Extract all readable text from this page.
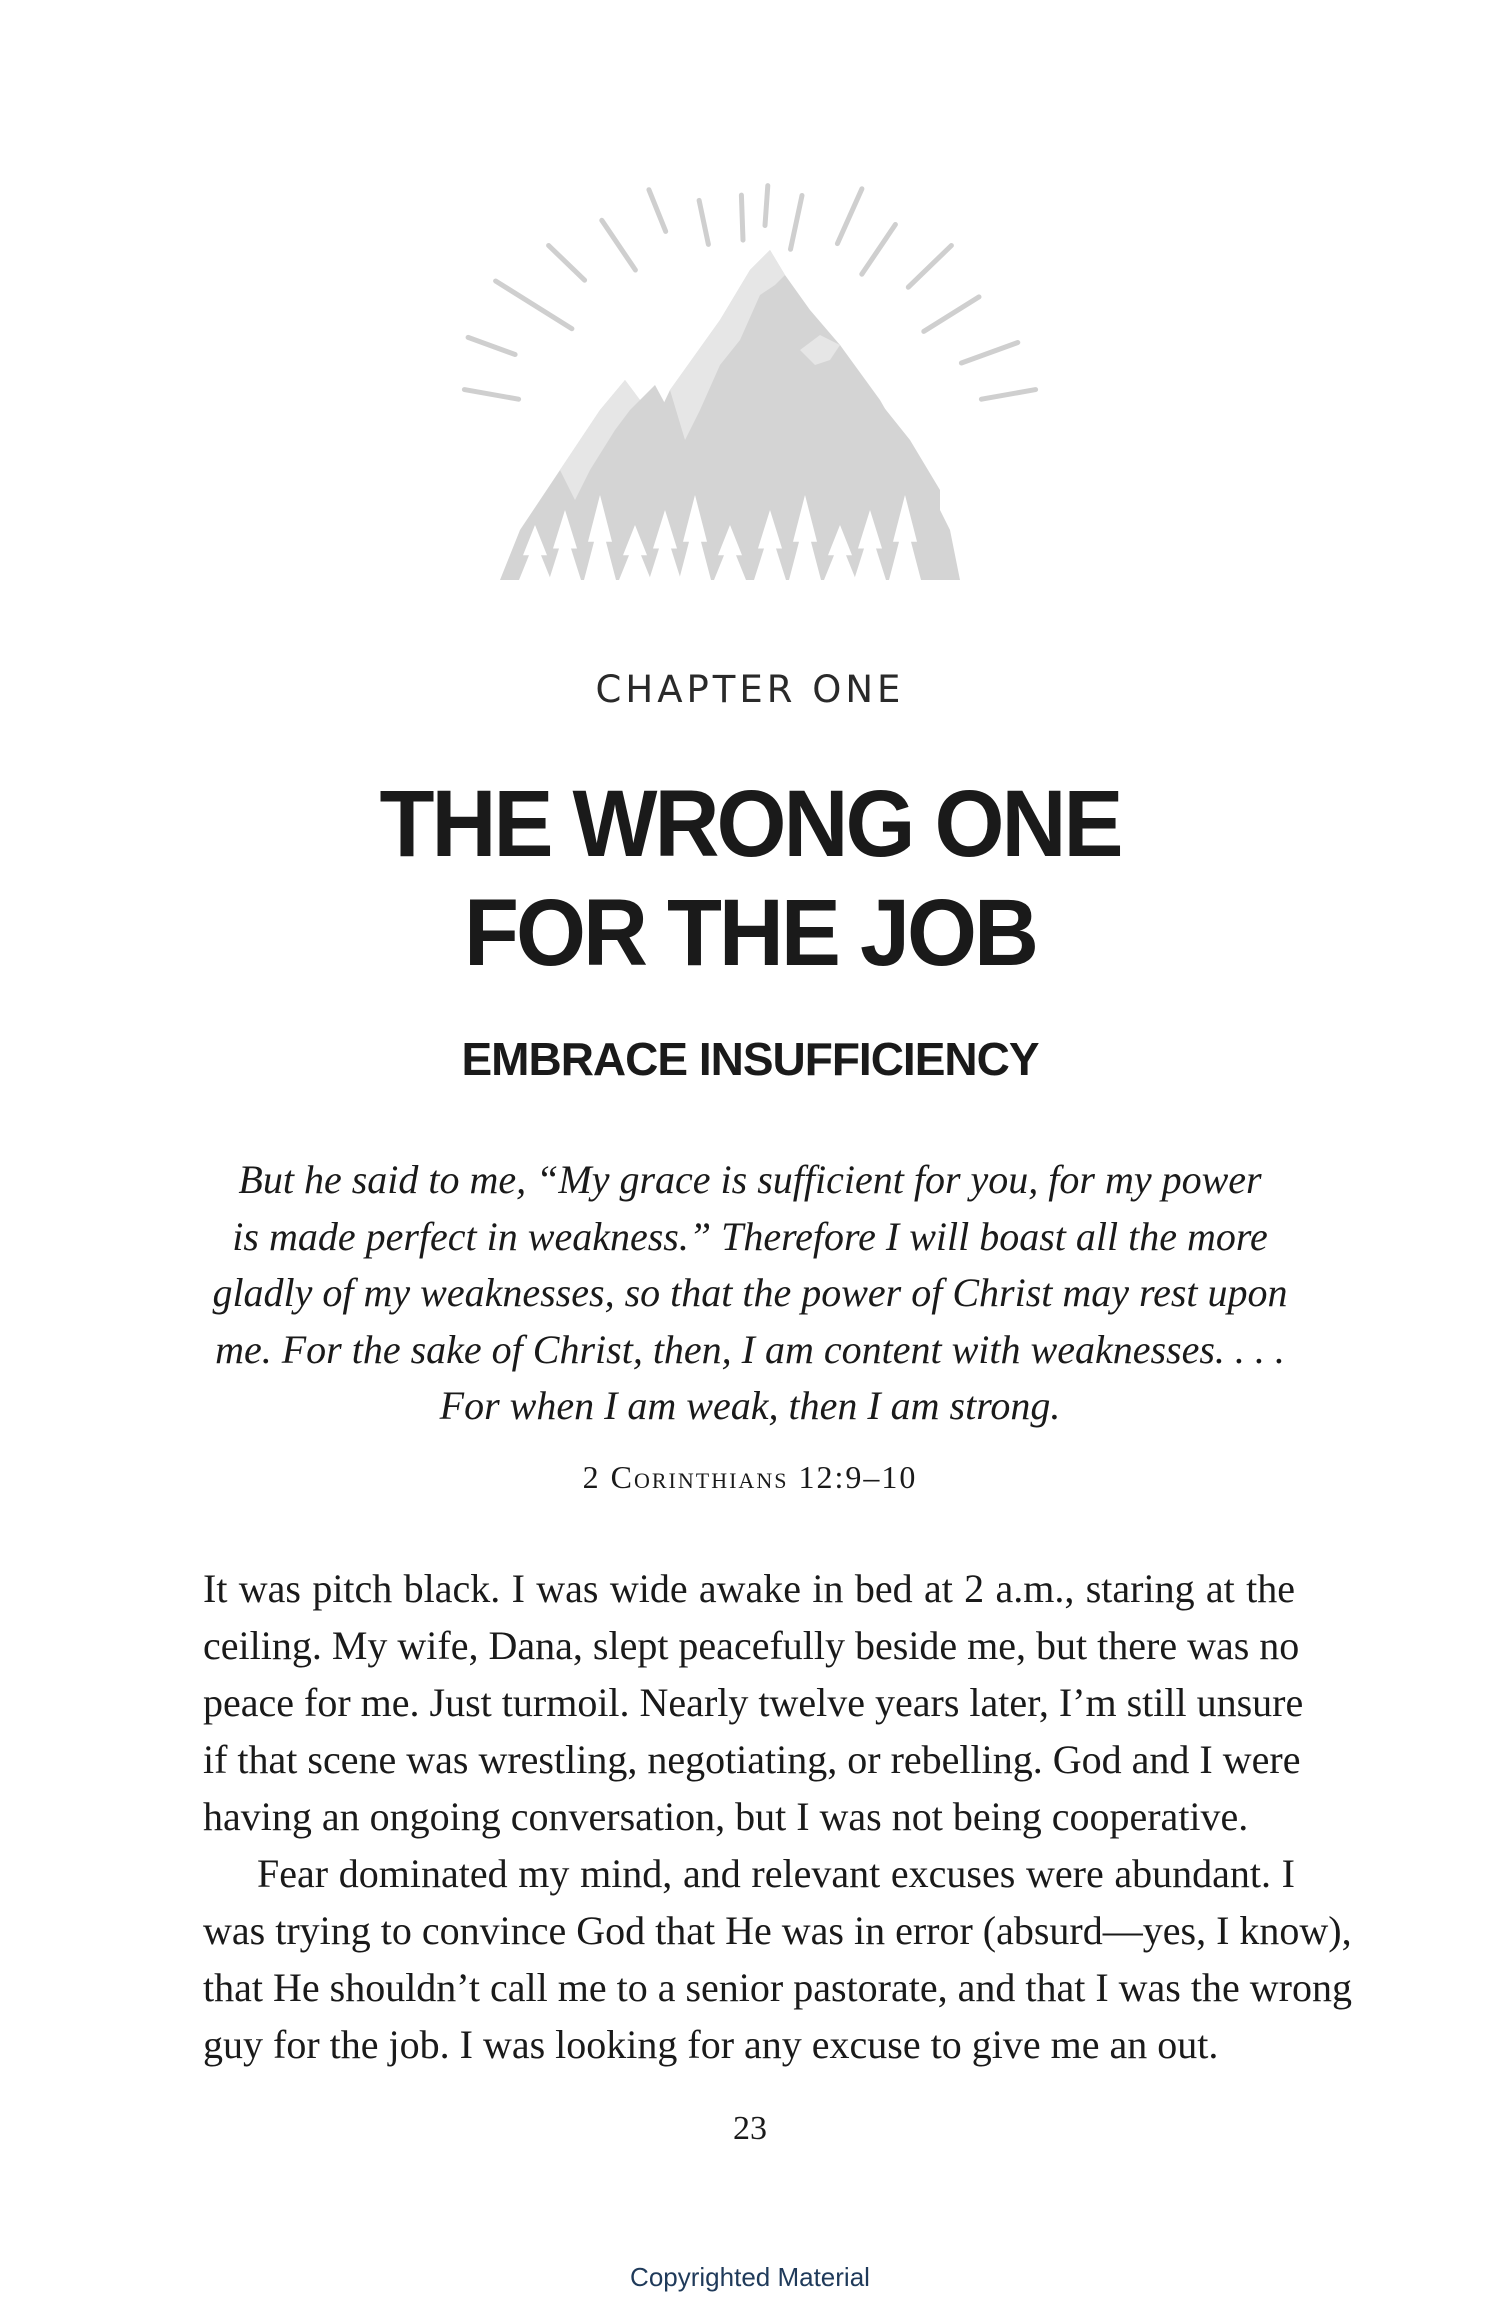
CHAPTER ONE
THE WRONG ONE
FOR THE JOB
EMBRACE INSUFFICIENCY
But he said to me, “My grace is sufficient for you, for my power
is made perfect in weakness.” Therefore I will boast all the more
gladly of my weaknesses, so that the power of Christ may rest upon
me. For the sake of Christ, then, I am content with weaknesses. . . .
For when I am weak, then I am strong.
2 Corinthians 12:9–10
It was pitch black. I was wide awake in bed at 2 a.m., staring at the
ceiling. My wife, Dana, slept peacefully beside me, but there was no
peace for me. Just turmoil. Nearly twelve years later, I’m still unsure
if that scene was wrestling, negotiating, or rebelling. God and I were
having an ongoing conversation, but I was not being cooperative.
Fear dominated my mind, and relevant excuses were abundant. I
was trying to convince God that He was in error (absurd—yes, I know),
that He shouldn’t call me to a senior pastorate, and that I was the wrong
guy for the job. I was looking for any excuse to give me an out.
23
Copyrighted Material
